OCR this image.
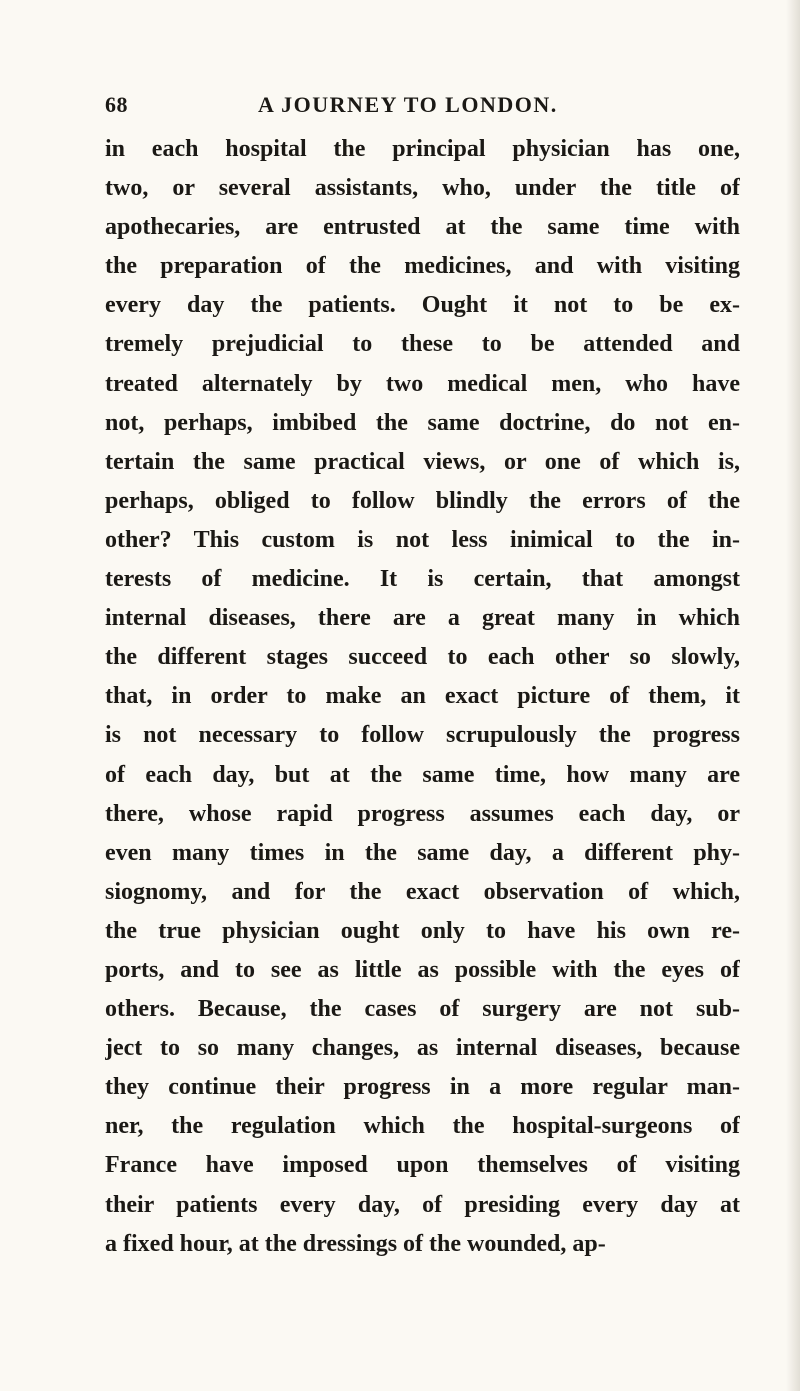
68	A JOURNEY TO LONDON.
in each hospital the principal physician has one,
two, or several assistants, who, under the title of
apothecaries, are entrusted at the same time with
the preparation of the medicines, and with visiting
every day the patients. Ought it not to be ex-
tremely prejudicial to these to be attended and
treated alternately by two medical men, who have
not, perhaps, imbibed the same doctrine, do not en-
tertain the same practical views, or one of which is,
perhaps, obliged to follow blindly the errors of the
other? This custom is not less inimical to the in-
terests of medicine. It is certain, that amongst
internal diseases, there are a great many in which
the different stages succeed to each other so slowly,
that, in order to make an exact picture of them, it
is not necessary to follow scrupulously the progress
of each day, but at the same time, how many are
there, whose rapid progress assumes each day, or
even many times in the same day, a different phy-
siognomy, and for the exact observation of which,
the true physician ought only to have his own re-
ports, and to see as little as possible with the eyes of
others. Because, the cases of surgery are not sub-
ject to so many changes, as internal diseases, because
they continue their progress in a more regular man-
ner, the regulation which the hospital-surgeons of
France have imposed upon themselves of visiting
their patients every day, of presiding every day at
a fixed hour, at the dressings of the wounded, ap-
